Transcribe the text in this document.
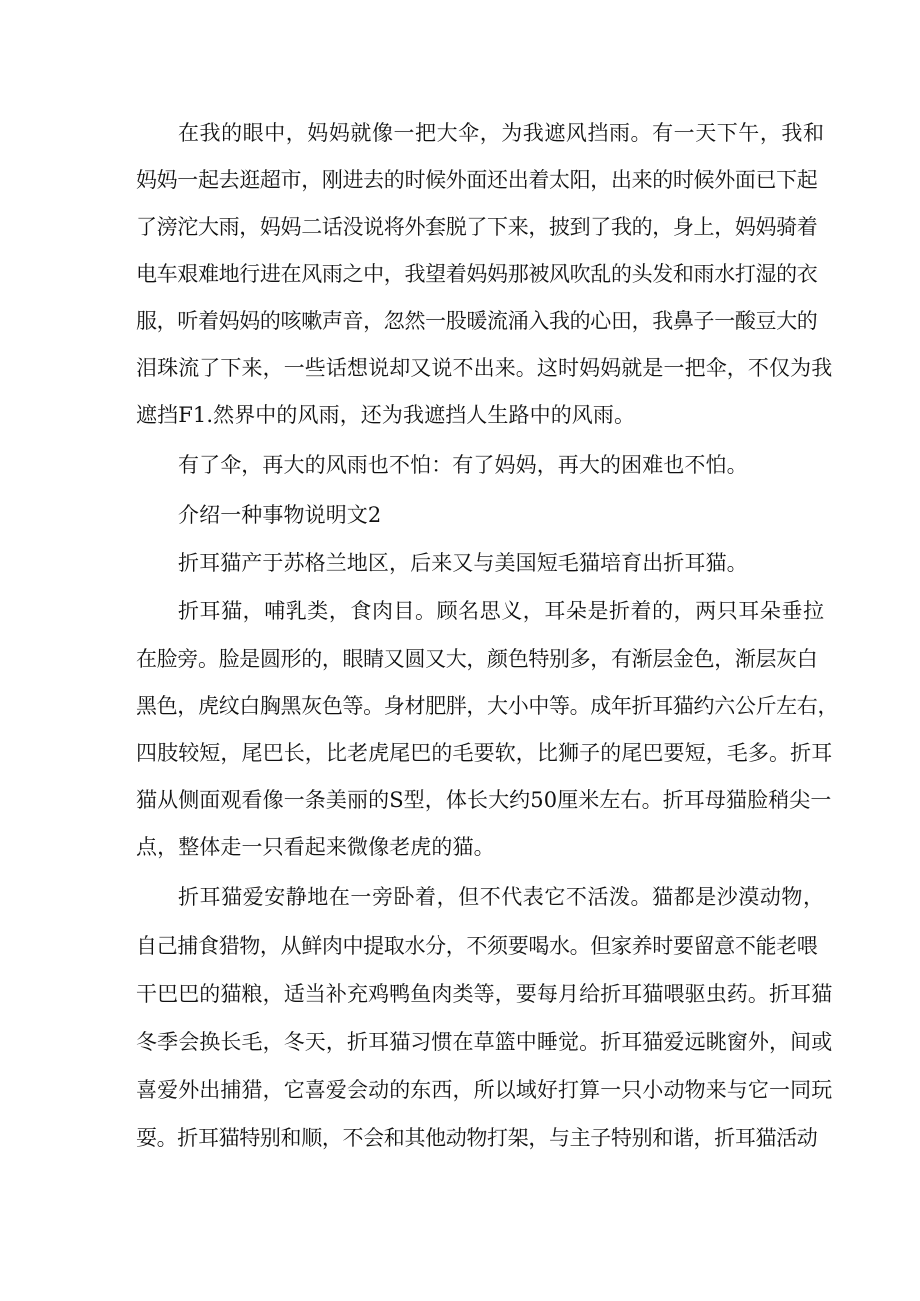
在我的眼中，妈妈就像一把大伞，为我遮风挡雨。有一天下午，我和
妈妈一起去逛超市，刚进去的时候外面还出着太阳，出来的时候外面已下起
了滂沱大雨，妈妈二话没说将外套脱了下来，披到了我的，身上，妈妈骑着
电车艰难地行进在风雨之中，我望着妈妈那被风吹乱的头发和雨水打湿的衣
服，听着妈妈的咳嗽声音，忽然一股暖流涌入我的心田，我鼻子一酸豆大的
泪珠流了下来，一些话想说却又说不出来。这时妈妈就是一把伞，不仅为我
遮挡F1.然界中的风雨，还为我遮挡人生路中的风雨。
有了伞，再大的风雨也不怕：有了妈妈，再大的困难也不怕。
介绍一种事物说明文2
折耳猫产于苏格兰地区，后来又与美国短毛猫培育出折耳猫。
折耳猫，哺乳类，食肉目。顾名思义，耳朵是折着的，两只耳朵垂拉
在脸旁。脸是圆形的，眼睛又圆又大，颜色特别多，有渐层金色，渐层灰白
黑色，虎纹白胸黑灰色等。身材肥胖，大小中等。成年折耳猫约六公斤左右，
四肢较短，尾巴长，比老虎尾巴的毛要软，比狮子的尾巴要短，毛多。折耳
猫从侧面观看像一条美丽的S型，体长大约50厘米左右。折耳母猫脸稍尖一
点，整体走一只看起来微像老虎的猫。
折耳猫爱安静地在一旁卧着，但不代表它不活泼。猫都是沙漠动物，
自己捕食猎物，从鲜肉中提取水分，不须要喝水。但家养时要留意不能老喂
干巴巴的猫粮，适当补充鸡鸭鱼肉类等，要每月给折耳猫喂驱虫药。折耳猫
冬季会换长毛，冬天，折耳猫习惯在草篮中睡觉。折耳猫爱远眺窗外，间或
喜爱外出捕猎，它喜爱会动的东西，所以域好打算一只小动物来与它一同玩
耍。折耳猫特别和顺，不会和其他动物打架，与主子特别和谐，折耳猫活动
